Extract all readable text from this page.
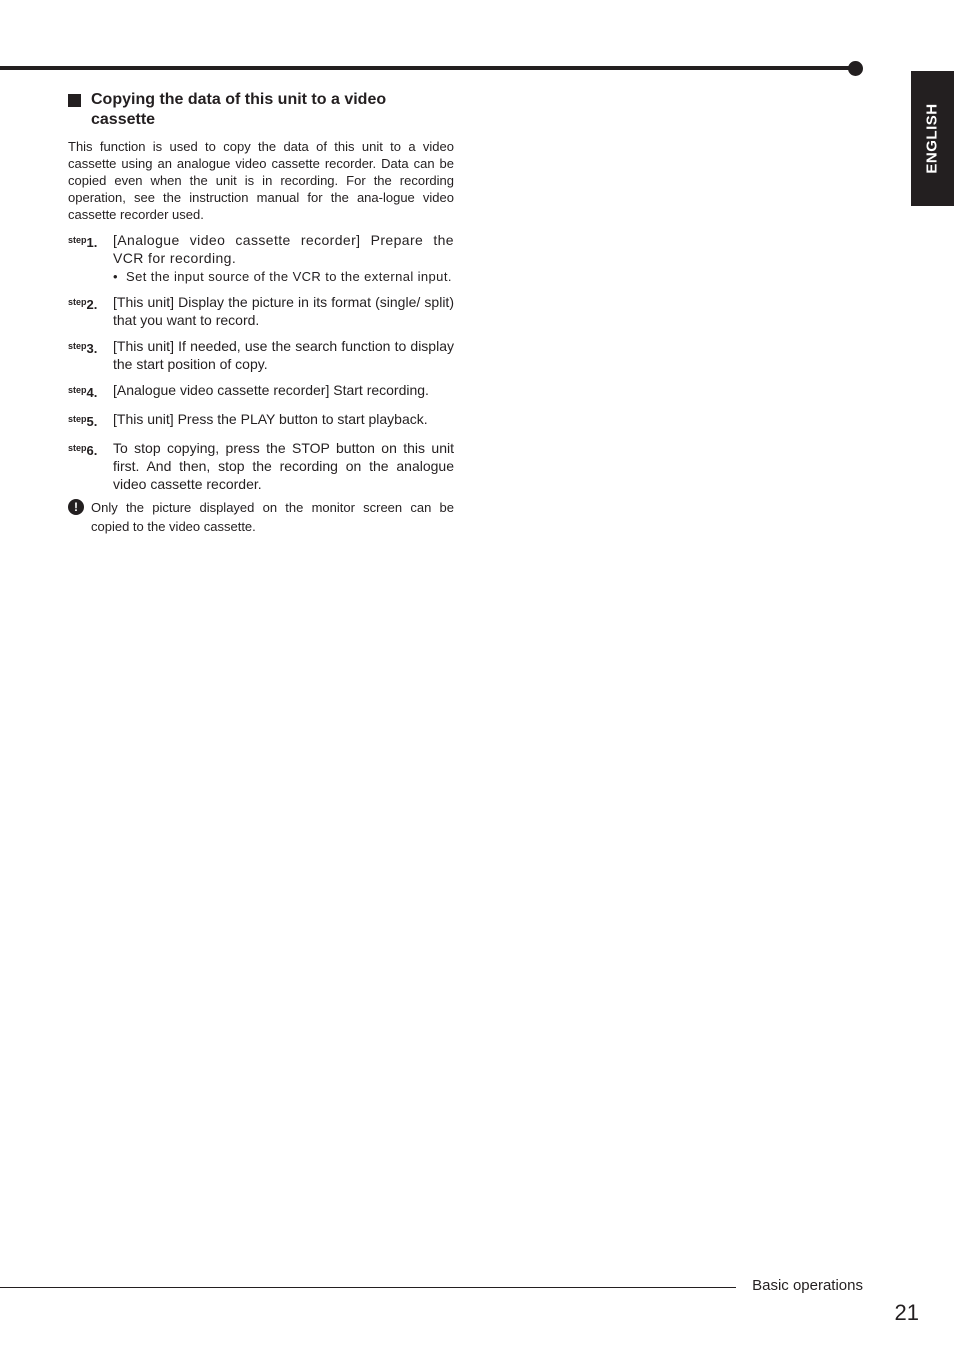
ENGLISH
Copying the data of this unit to a video cassette
This function is used to copy the data of this unit to a video cassette using an analogue video cassette recorder. Data can be copied even when the unit is in recording. For the recording operation, see the instruction manual for the ana-logue video cassette recorder used.
$^{step}$1.	[Analogue video cassette recorder] Prepare the VCR for recording.
• Set the input source of the VCR to the external input.
$^{step}$2.	[This unit] Display the picture in its format (single/ split) that you want to record.
$^{step}$3.	[This unit] If needed, use the search function to display the start position of copy.
$^{step}$4.	[Analogue video cassette recorder] Start recording.
$^{step}$5.	[This unit] Press the PLAY button to start playback.
$^{step}$6.	To stop copying, press the STOP button on this unit first. And then, stop the recording on the analogue video cassette recorder.
!	Only the picture displayed on the monitor screen can be copied to the video cassette.
Basic operations
21
